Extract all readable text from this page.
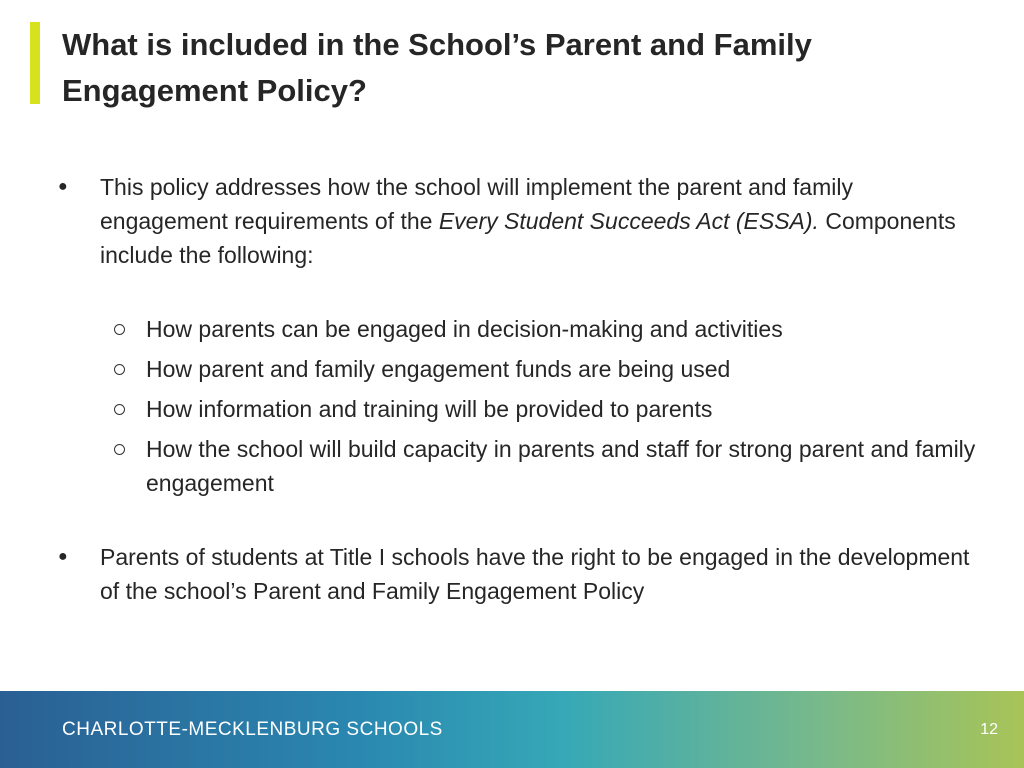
What is included in the School’s Parent and Family Engagement Policy?
● This policy addresses how the school will implement the parent and family engagement requirements of the Every Student Succeeds Act (ESSA). Components include the following:
How parents can be engaged in decision-making and activities
How parent and family engagement funds are being used
How information and training will be provided to parents
How the school will build capacity in parents and staff for strong parent and family engagement
● Parents of students at Title I schools have the right to be engaged in the development of the school’s Parent and Family Engagement Policy
CHARLOTTE-MECKLENBURG SCHOOLS	12
